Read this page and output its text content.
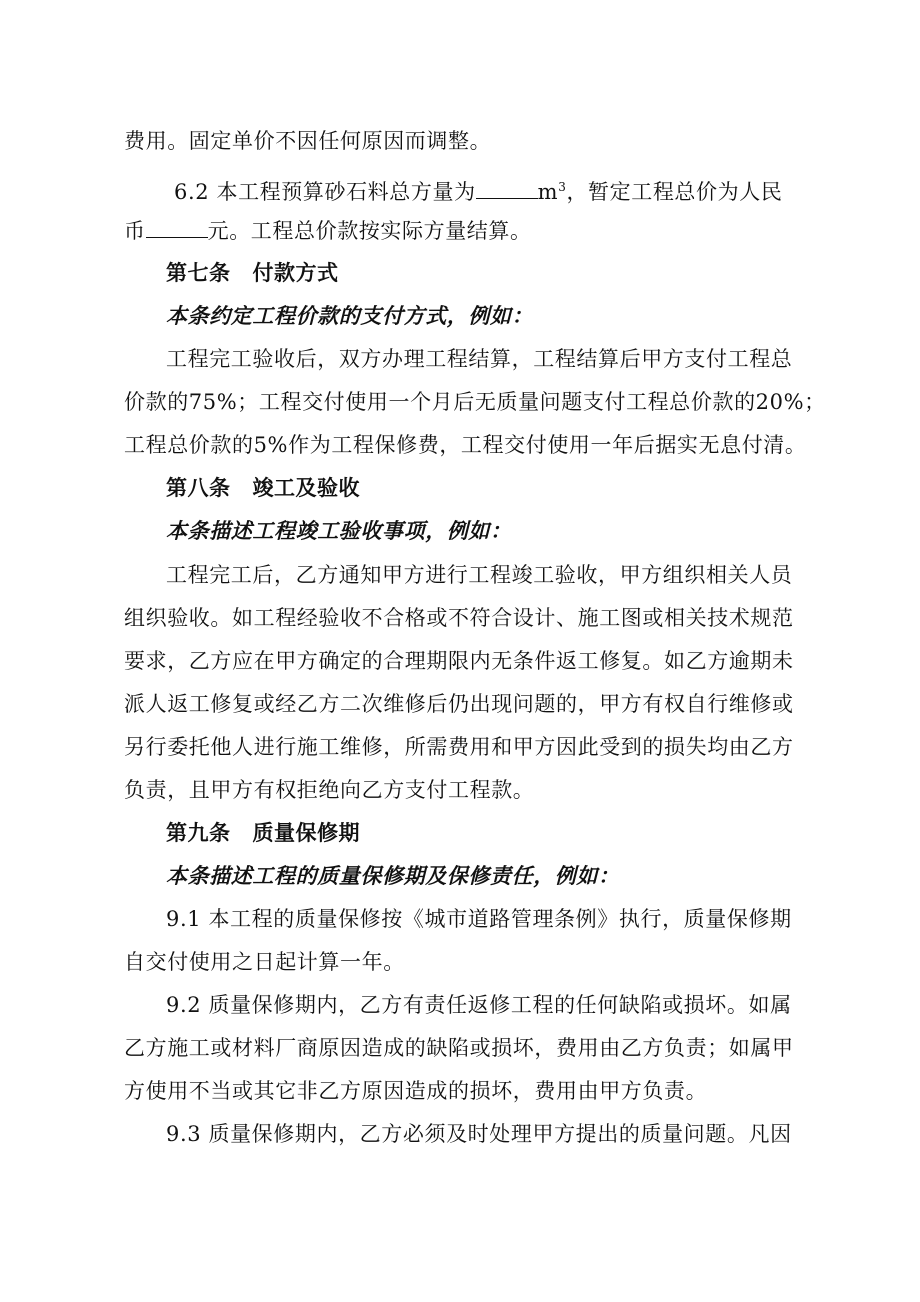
费用。固定单价不因任何原因而调整。
6.2 本工程预算砂石料总方量为	$m^3$，暂定工程总价为人民
币	元。工程总价款按实际方量结算。
第七条 付款方式
本条约定工程价款的支付方式，例如：
工程完工验收后，双方办理工程结算，工程结算后甲方支付工程总
价款的75%；工程交付使用一个月后无质量问题支付工程总价款的20%；
工程总价款的5%作为工程保修费，工程交付使用一年后据实无息付清。
第八条 竣工及验收
本条描述工程竣工验收事项，例如：
工程完工后，乙方通知甲方进行工程竣工验收，甲方组织相关人员
组织验收。如工程经验收不合格或不符合设计、施工图或相关技术规范
要求，乙方应在甲方确定的合理期限内无条件返工修复。如乙方逾期未
派人返工修复或经乙方二次维修后仍出现问题的，甲方有权自行维修或
另行委托他人进行施工维修，所需费用和甲方因此受到的损失均由乙方
负责，且甲方有权拒绝向乙方支付工程款。
第九条 质量保修期
本条描述工程的质量保修期及保修责任，例如：
9.1 本工程的质量保修按《城市道路管理条例》执行，质量保修期
自交付使用之日起计算一年。
9.2 质量保修期内，乙方有责任返修工程的任何缺陷或损坏。如属
乙方施工或材料厂商原因造成的缺陷或损坏，费用由乙方负责；如属甲
方使用不当或其它非乙方原因造成的损坏，费用由甲方负责。
9.3 质量保修期内，乙方必须及时处理甲方提出的质量问题。凡因
